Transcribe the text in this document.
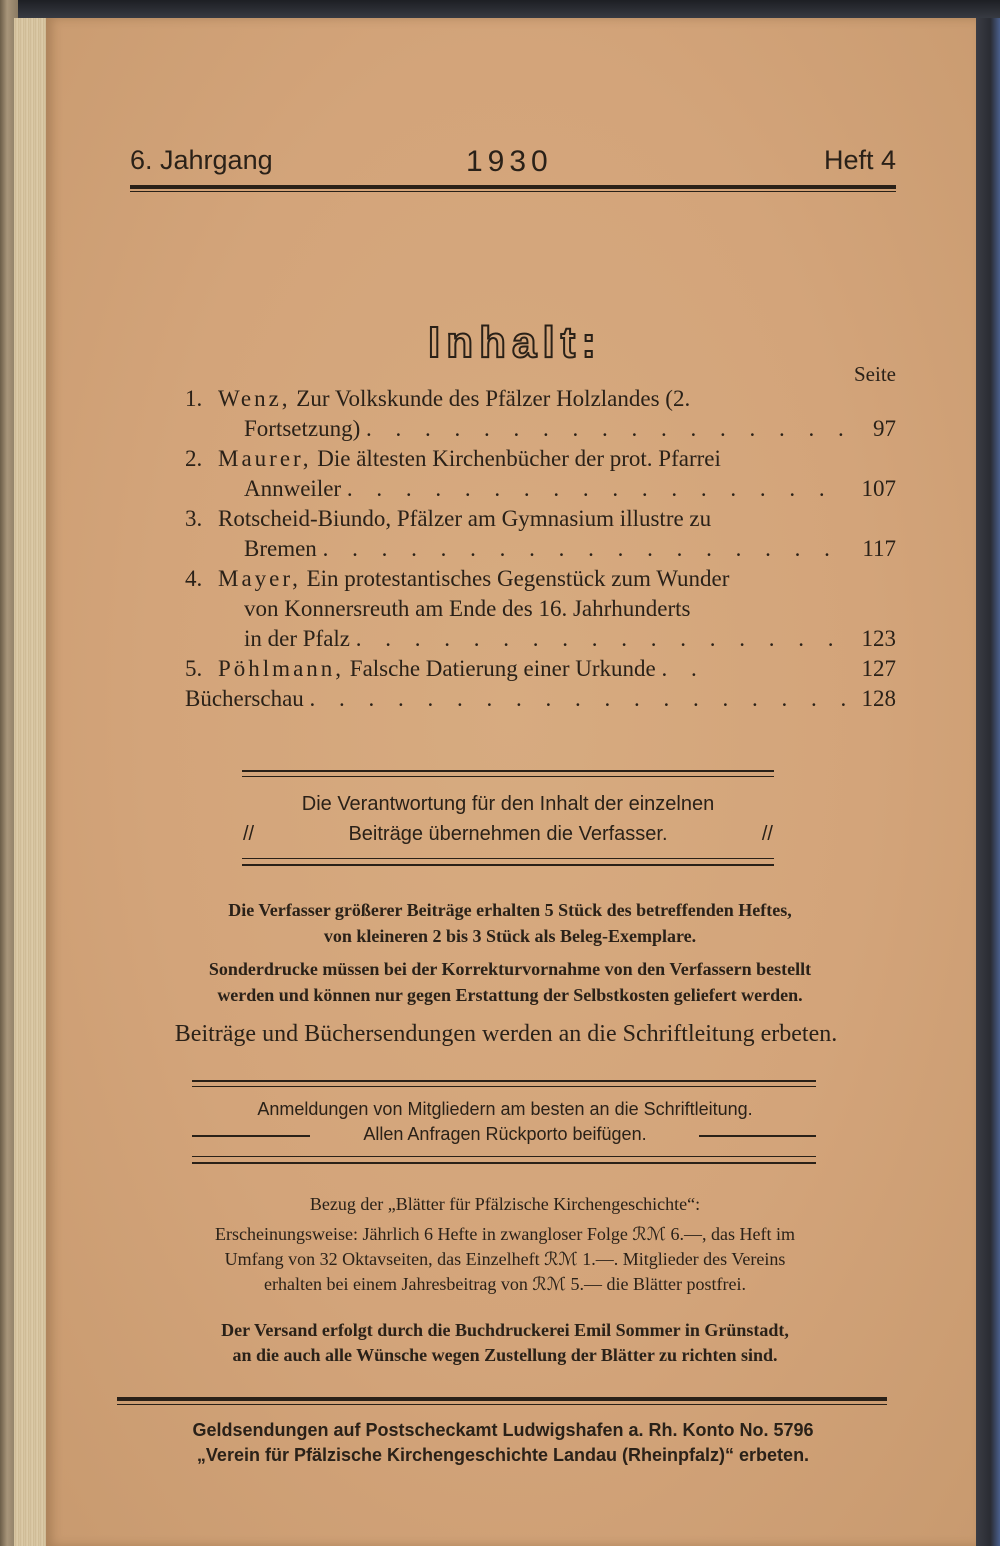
6. Jahrgang	1930	Heft 4
Inhalt:
Seite
1. Wenz, Zur Volkskunde des Pfälzer Holzlandes (2.
Fortsetzung) . . . . . . . . . . . . . . . . . 97
2. Maurer, Die ältesten Kirchenbücher der prot. Pfarrei
Annweiler . . . . . . . . . . . . . . . . . 107
3. Rotscheid-Biundo, Pfälzer am Gymnasium illustre zu
Bremen . . . . . . . . . . . . . . . . . . 117
4. Mayer, Ein protestantisches Gegenstück zum Wunder
von Konnersreuth am Ende des 16. Jahrhunderts
in der Pfalz . . . . . . . . . . . . . . . . . 123
5. Pöhlmann, Falsche Datierung einer Urkunde . .	127
Bücherschau . . . . . . . . . . . . . . . . . . . 128
Die Verantwortung für den Inhalt der einzelnen
//	Beiträge übernehmen die Verfasser.	//
Die Verfasser größerer Beiträge erhalten 5 Stück des betreffenden Heftes,
von kleineren 2 bis 3 Stück als Beleg-Exemplare.
Sonderdrucke müssen bei der Korrekturvornahme von den Verfassern bestellt
werden und können nur gegen Erstattung der Selbstkosten geliefert werden.
Beiträge und Büchersendungen werden an die Schriftleitung erbeten.
Anmeldungen von Mitgliedern am besten an die Schriftleitung.
Allen Anfragen Rückporto beifügen.
Bezug der „Blätter für Pfälzische Kirchengeschichte“:
Erscheinungsweise: Jährlich 6 Hefte in zwangloser Folge ℛℳ 6.—, das Heft im
Umfang von 32 Oktavseiten, das Einzelheft ℛℳ 1.—. Mitglieder des Vereins
erhalten bei einem Jahresbeitrag von ℛℳ 5.— die Blätter postfrei.
Der Versand erfolgt durch die Buchdruckerei Emil Sommer in Grünstadt,
an die auch alle Wünsche wegen Zustellung der Blätter zu richten sind.
Geldsendungen auf Postscheckamt Ludwigshafen a. Rh. Konto No. 5796
„Verein für Pfälzische Kirchengeschichte Landau (Rheinpfalz)“ erbeten.
